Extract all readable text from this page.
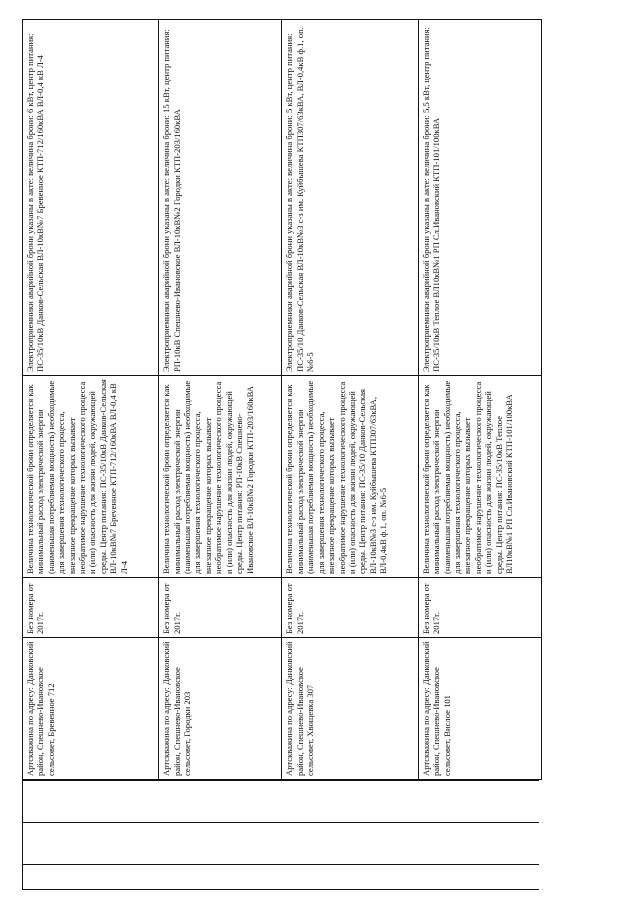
Артскважина по адресу: Данковский район, Спешнево-Ивановское сельсовет, Бревенное 712	Без номера от 2017г.	Величина технологической брони определяется как минимальный расход электрической энергии (наименьшая потребляемая мощность) необходимые для завершения технологического процесса, внезапное прекращение которых вызывает необратимое нарушение технологического процесса и (или) опасность для жизни людей, окружающей среды. Центр питания: ПС-35/10кВ Данков-Сельская ВЛ-10кВ№7 Бреvенное КТП-712/160кВА ВЛ-0,4 кВ Л-4	Электроприемники аварийной брони указаны в акте: величина брони: 6 кВт, центр питания: ПС-35/10кВ Данков-Сельская ВЛ-10кВ№7 Бревенное КТП-712/160кВА ВЛ-0,4 кВ Л-4
Артскважина по адресу: Данковский район, Спешнево-Ивановское сельсовет, Городки 203	Без номера от 2017г.	Величина технологической брони определяется как минимальный расход электрической энергии (наименьшая потребляемая мощность) необходимые для завершения технологического процесса, внезапное прекращение которых вызывает необратимое нарушение технологического процесса и (или) опасность для жизни людей, окружающей среды. Центр питания: РП-10кВ Спешнево-Ивановское ВЛ-10кВ№2 Городки КТП-203/160кВА	Электроприемники аварийной брони указаны в акте: величина брони: 15 кВт, центр питания: РП-10кВ Спешнево-Ивановское ВЛ-10кВ№2 Городки КТП-203/160кВА
Артскважина по адресу: Данковский район, Спешнево-Ивановское сельсовет, Хвощевка 307	Без номера от 2017г.	Величина технологической брони определяется как минимальный расход электрической энергии (наименьшая потребляемая мощность) необходимые для завершения технологического процесса, внезапное прекращение которых вызывает необратимое нарушение технологического процесса и (или) опасность для жизни людей, окружающей среды. Центр питания: ПС-35/10 Данков-Сельская ВЛ-10кВ№3 с-з им. Куйбышева КТП307/63кВА, ВЛ-0,4кВ ф.1, оп. №6-5	Электроприемники аварийной брони указаны в акте: величина брони: 5 кВт, центр питания: ПС-35/10 Данков-Сельская ВЛ-10кВ№3 с-з им. Куйбышева КТП307/63кВА, ВЛ-0,4кВ ф.1, оп. №6-5
Артскважина по адресу: Данковский район, Спешнево-Ивановское сельсовет, Вислое 101	Без номера от 2017г.	Величина технологической брони определяется как минимальный расход электрической энергии (наименьшая потребляемая мощность) необходимые для завершения технологического процесса, внезапное прекращение которых вызывает необратимое нарушение технологического процесса и (или) опасность для жизни людей, окружающей среды. Центр питания: ПС-35/10кВ Теплое ВЛ10кВ№1 РП Сл.Ивановский КТП-101/100кВА	Электроприемники аварийной брони указаны в акте: величина брони: 5,5 кВт, центр питания: ПС-35/10кВ Теплое ВЛ10кВ№1 РП Сл.Ивановский КТП-101/100кВА
